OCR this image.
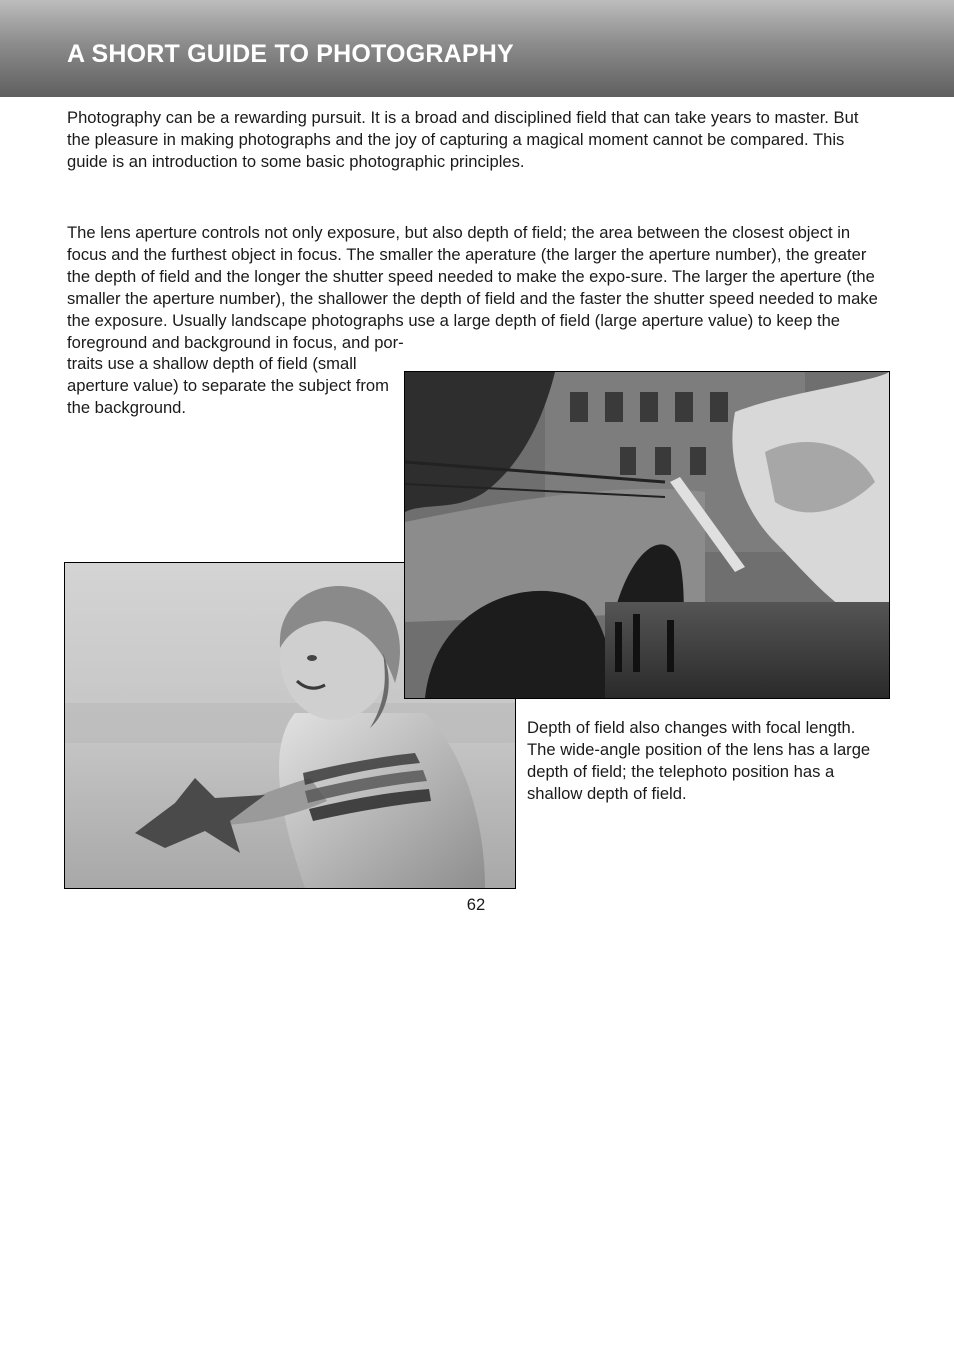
A SHORT GUIDE TO PHOTOGRAPHY

Photography can be a rewarding pursuit. It is a broad and disciplined field that can take years to master. But the pleasure in making photographs and the joy of capturing a magical moment cannot be compared. This guide is an introduction to some basic photographic principles.

The lens aperture controls not only exposure, but also depth of field; the area between the closest object in focus and the furthest object in focus. The smaller the aperature (the larger the aperture number), the greater the depth of field and the longer the shutter speed needed to make the expo-sure. The larger the aperture (the smaller the aperture number), the shallower the depth of field and the faster the shutter speed needed to make the exposure. Usually landscape photographs use a large depth of field (large aperture value) to keep the foreground and background in focus, and por-

traits use a shallow depth of field (small aperture value) to separate the subject from the background.

Depth of field also changes with focal length. The wide-angle position of the lens has a large depth of field; the telephoto position has a shallow depth of field.

62
